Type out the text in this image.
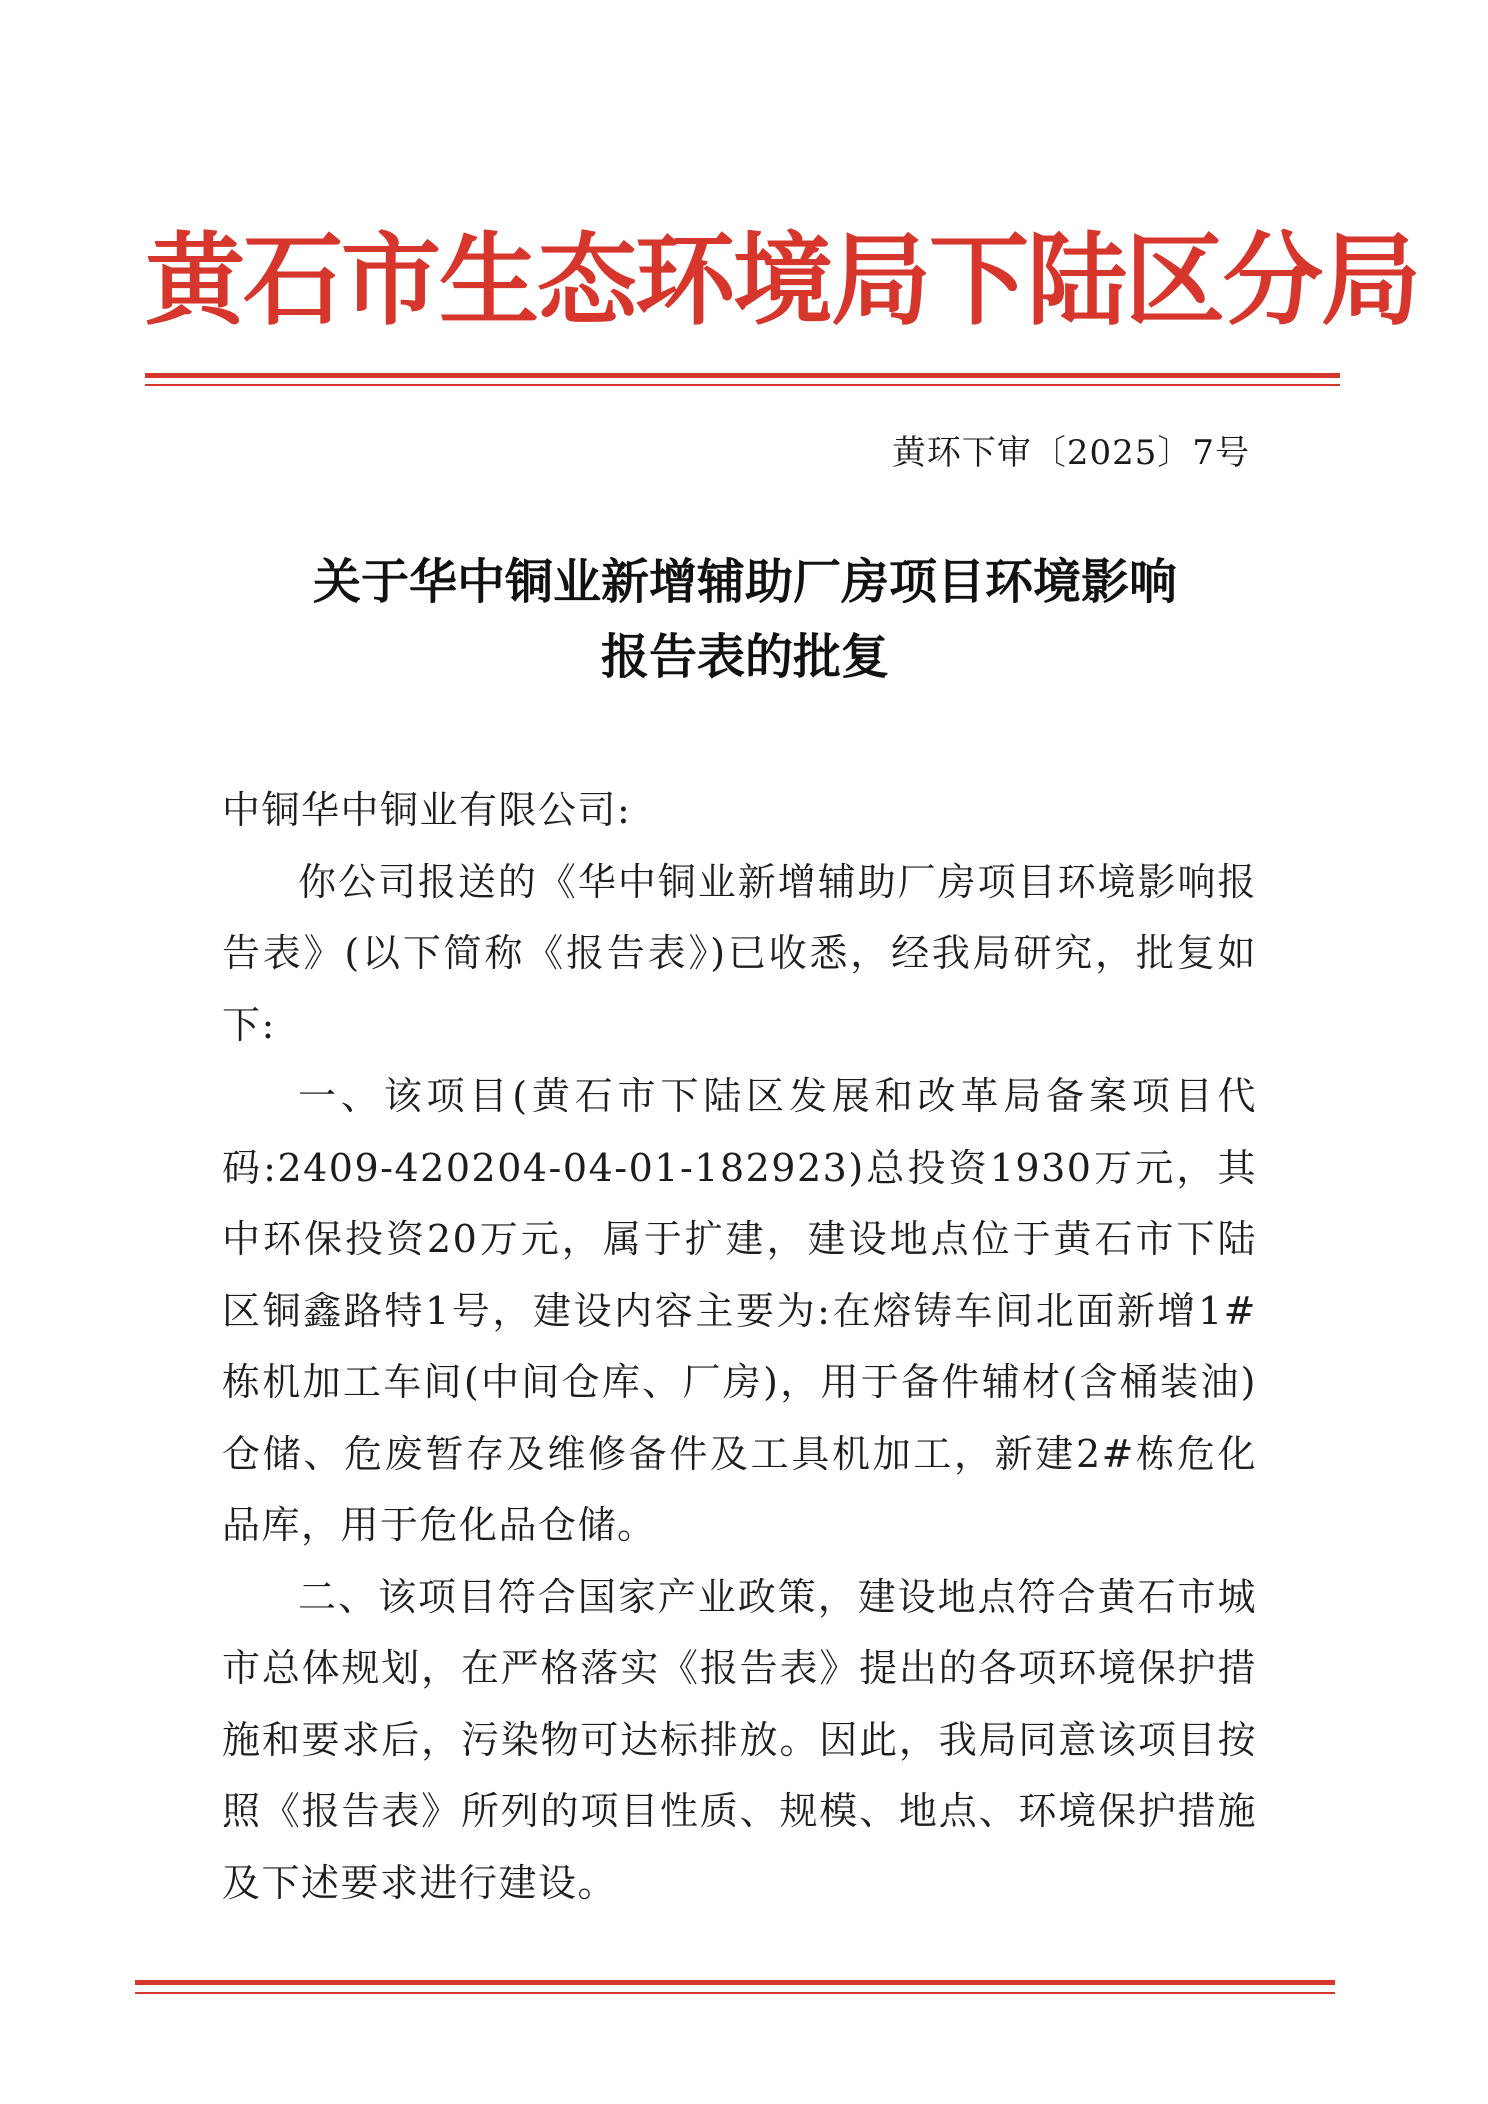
黄石市生态环境局下陆区分局
黄环下审〔2025〕7号
关于华中铜业新增辅助厂房项目环境影响
报告表的批复

中铜华中铜业有限公司:

你公司报送的《华中铜业新增辅助厂房项目环境影响报告表》(以下简称《报告表》)已收悉，经我局研究，批复如下:

一、该项目(黄石市下陆区发展和改革局备案项目代码:2409-420204-04-01-182923)总投资1930万元，其中环保投资20万元，属于扩建，建设地点位于黄石市下陆区铜鑫路特1号，建设内容主要为:在熔铸车间北面新增1#栋机加工车间(中间仓库、厂房)，用于备件辅材(含桶装油)仓储、危废暂存及维修备件及工具机加工，新建2#栋危化品库，用于危化品仓储。

二、该项目符合国家产业政策，建设地点符合黄石市城市总体规划，在严格落实《报告表》提出的各项环境保护措施和要求后，污染物可达标排放。因此，我局同意该项目按照《报告表》所列的项目性质、规模、地点、环境保护措施及下述要求进行建设。
